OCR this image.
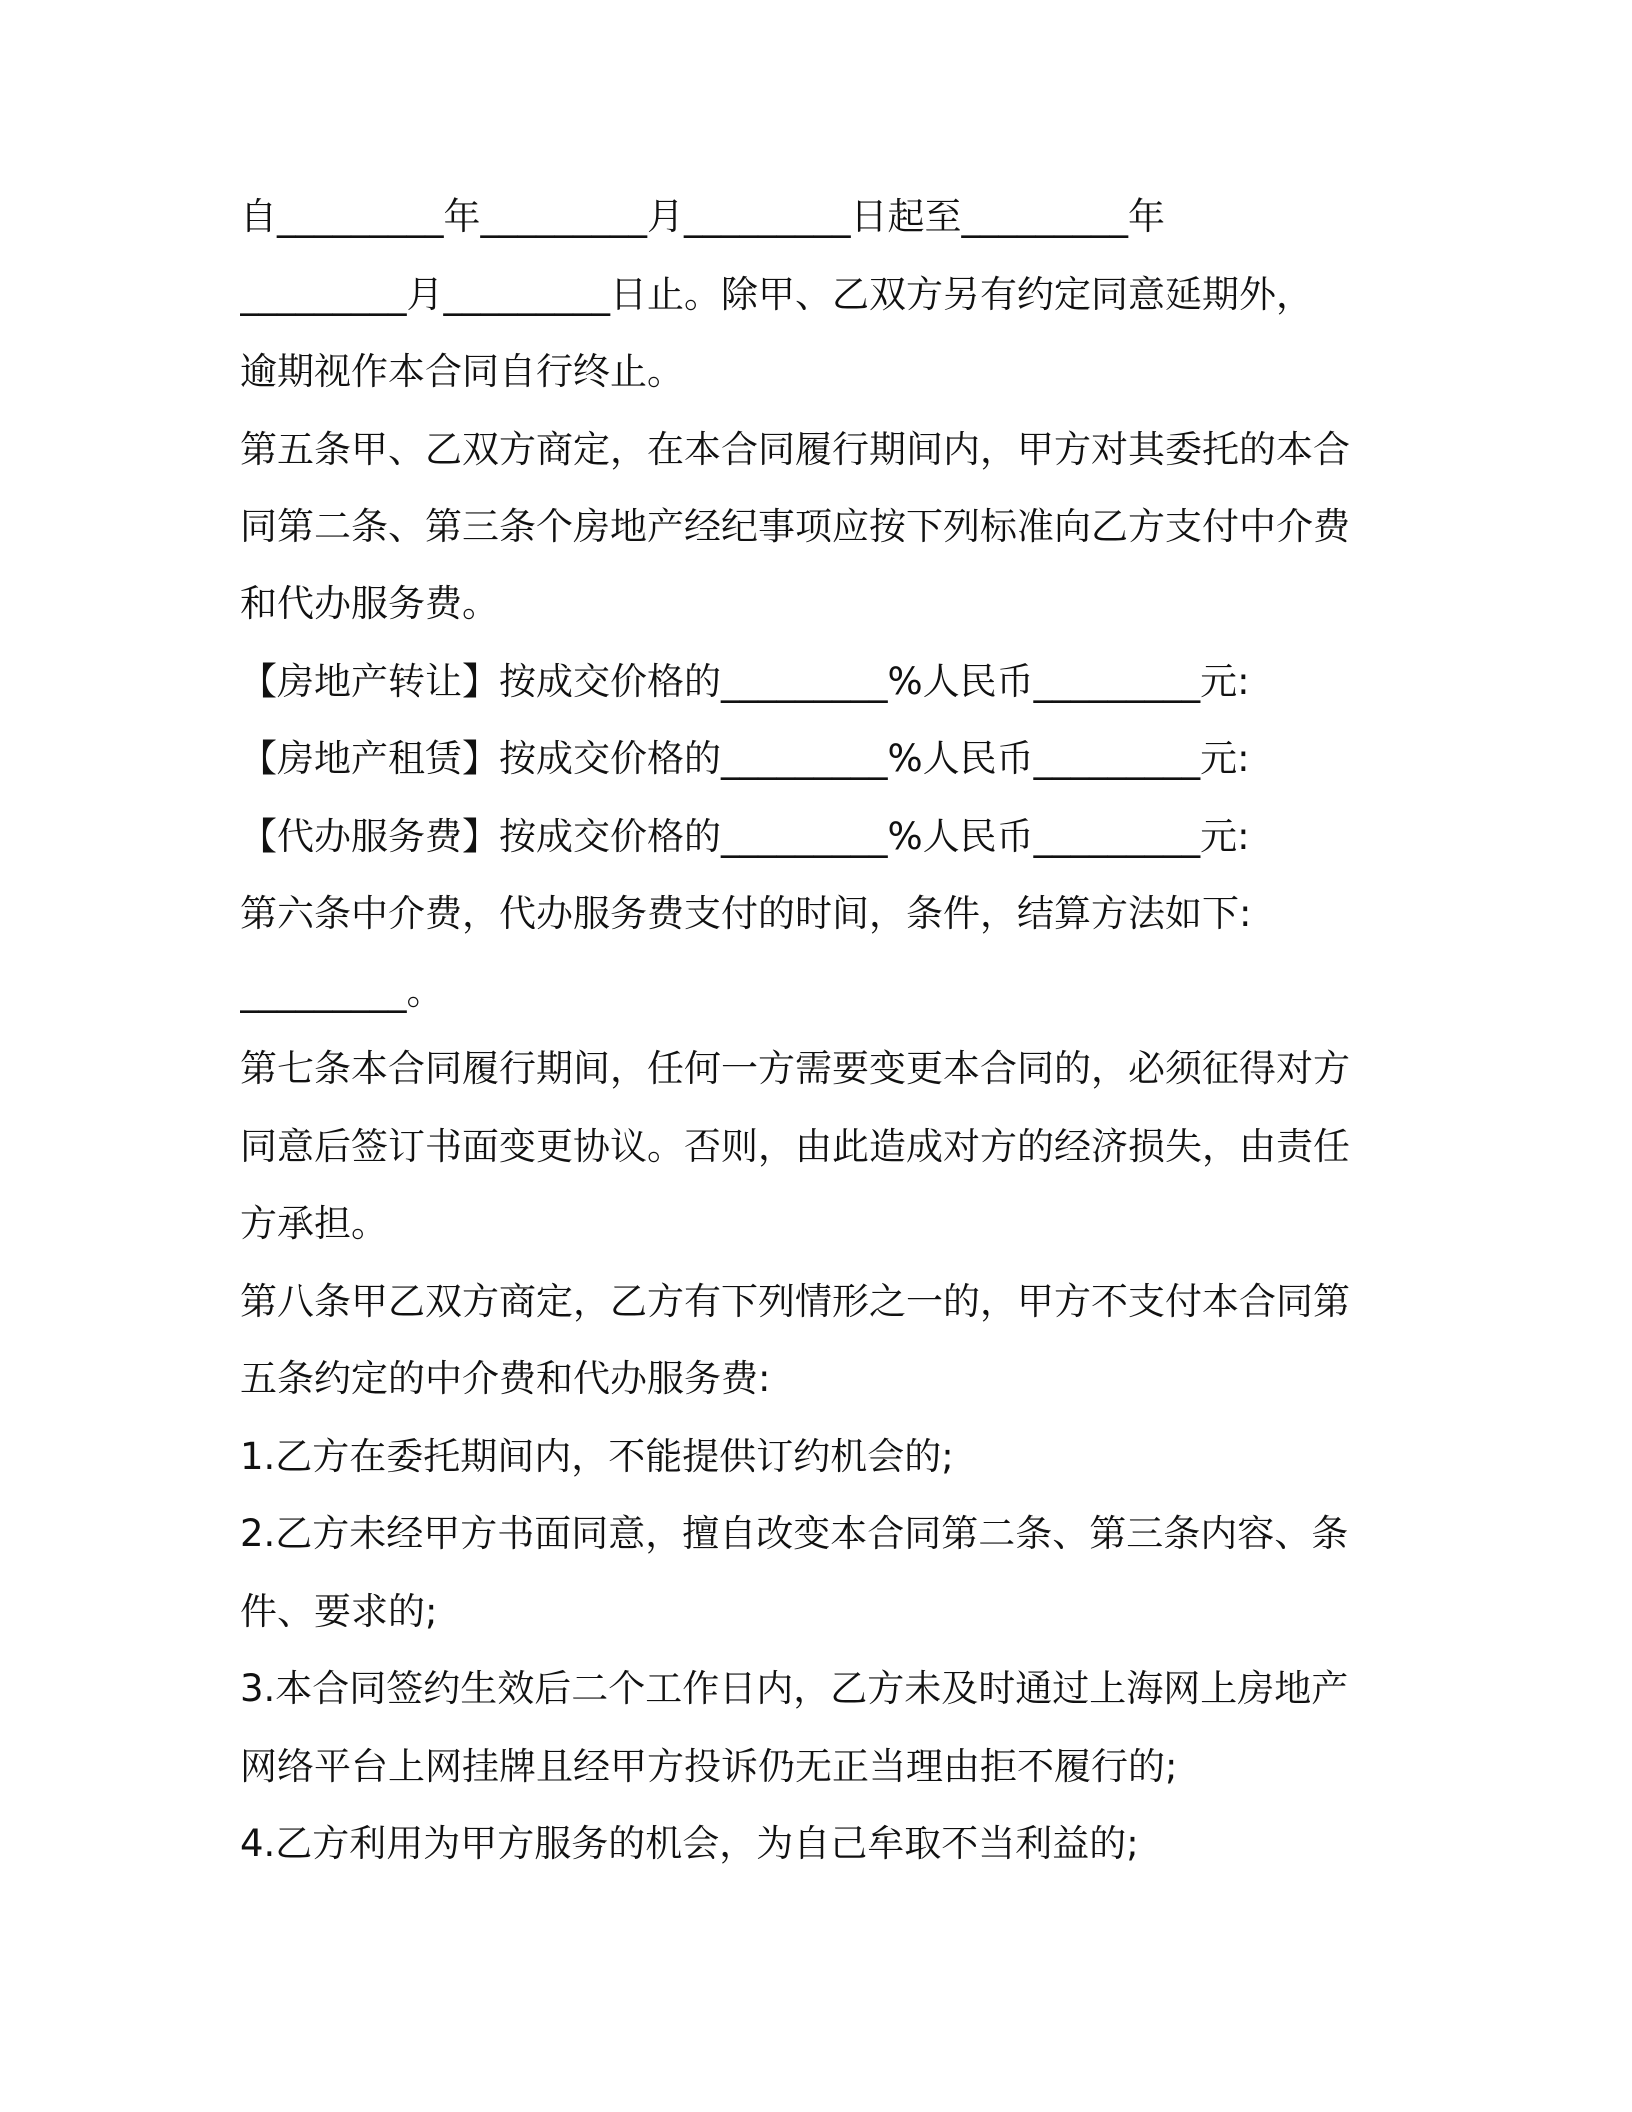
自_________年_________月_________日起至_________年
_________月_________日止。除甲、乙双方另有约定同意延期外，
逾期视作本合同自行终止。
第五条甲、乙双方商定，在本合同履行期间内，甲方对其委托的本合
同第二条、第三条个房地产经纪事项应按下列标准向乙方支付中介费
和代办服务费。
【房地产转让】按成交价格的_________%人民币_________元:
【房地产租赁】按成交价格的_________%人民币_________元:
【代办服务费】按成交价格的_________%人民币_________元:
第六条中介费，代办服务费支付的时间，条件，结算方法如下:
_________。
第七条本合同履行期间，任何一方需要变更本合同的，必须征得对方
同意后签订书面变更协议。否则，由此造成对方的经济损失，由责任
方承担。
第八条甲乙双方商定，乙方有下列情形之一的，甲方不支付本合同第
五条约定的中介费和代办服务费:
1.乙方在委托期间内，不能提供订约机会的;
2.乙方未经甲方书面同意，擅自改变本合同第二条、第三条内容、条
件、要求的;
3.本合同签约生效后二个工作日内，乙方未及时通过上海网上房地产
网络平台上网挂牌且经甲方投诉仍无正当理由拒不履行的;
4.乙方利用为甲方服务的机会，为自己牟取不当利益的;
